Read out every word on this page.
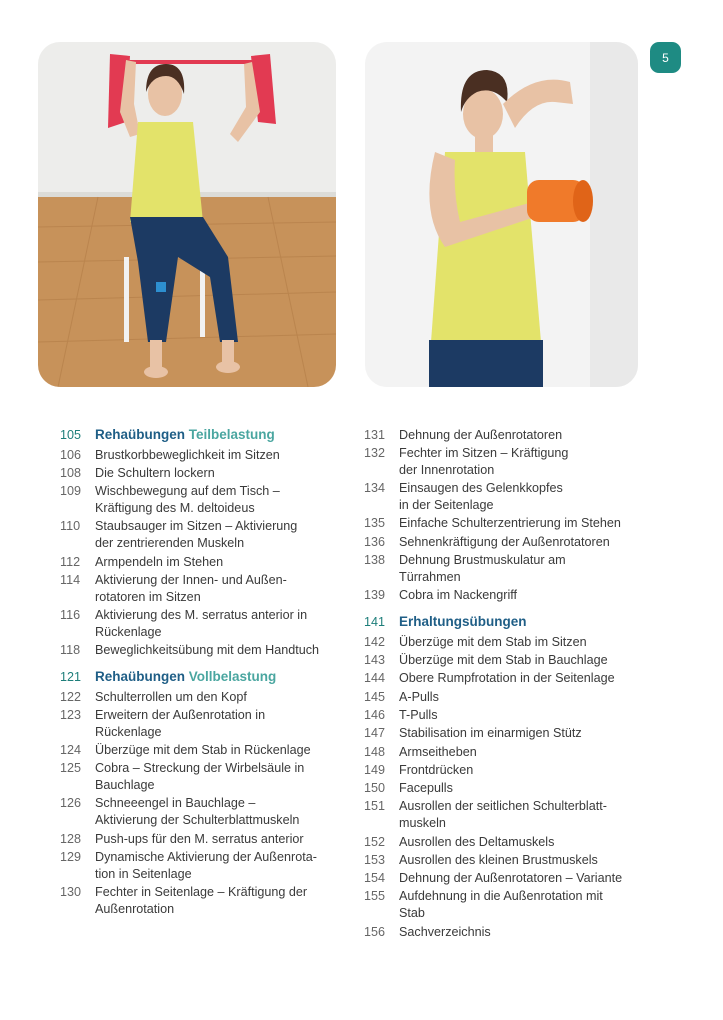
5
105	Rehaübungen Teilbelastung
106	Brustkorbbeweglichkeit im Sitzen
108	Die Schultern lockern
109	Wischbewegung auf dem Tisch –
Kräftigung des M. deltoideus
110	Staubsauger im Sitzen – Aktivierung
der zentrierenden Muskeln
112	Armpendeln im Stehen
114	Aktivierung der Innen- und Außen-
rotatoren im Sitzen
116	Aktivierung des M. serratus anterior in
Rückenlage
118	Beweglichkeitsübung mit dem Handtuch
121	Rehaübungen Vollbelastung
122	Schulterrollen um den Kopf
123	Erweitern der Außenrotation in
Rückenlage
124	Überzüge mit dem Stab in Rückenlage
125	Cobra – Streckung der Wirbelsäule in
Bauchlage
126	Schneeengel in Bauchlage –
Aktivierung der Schulterblattmuskeln
128	Push-ups für den M. serratus anterior
129	Dynamische Aktivierung der Außenrota-
tion in Seitenlage
130	Fechter in Seitenlage – Kräftigung der
Außenrotation
131	Dehnung der Außenrotatoren
132	Fechter im Sitzen – Kräftigung
der Innenrotation
134	Einsaugen des Gelenkkopfes
in der Seitenlage
135	Einfache Schulterzentrierung im Stehen
136	Sehnenkräftigung der Außenrotatoren
138	Dehnung Brustmuskulatur am
Türrahmen
139	Cobra im Nackengriff
141	Erhaltungsübungen
142	Überzüge mit dem Stab im Sitzen
143	Überzüge mit dem Stab in Bauchlage
144	Obere Rumpfrotation in der Seitenlage
145	A-Pulls
146	T-Pulls
147	Stabilisation im einarmigen Stütz
148	Armseitheben
149	Frontdrücken
150	Facepulls
151	Ausrollen der seitlichen Schulterblatt-
muskeln
152	Ausrollen des Deltamuskels
153	Ausrollen des kleinen Brustmuskels
154	Dehnung der Außenrotatoren – Variante
155	Aufdehnung in die Außenrotation mit
Stab
156	Sachverzeichnis
